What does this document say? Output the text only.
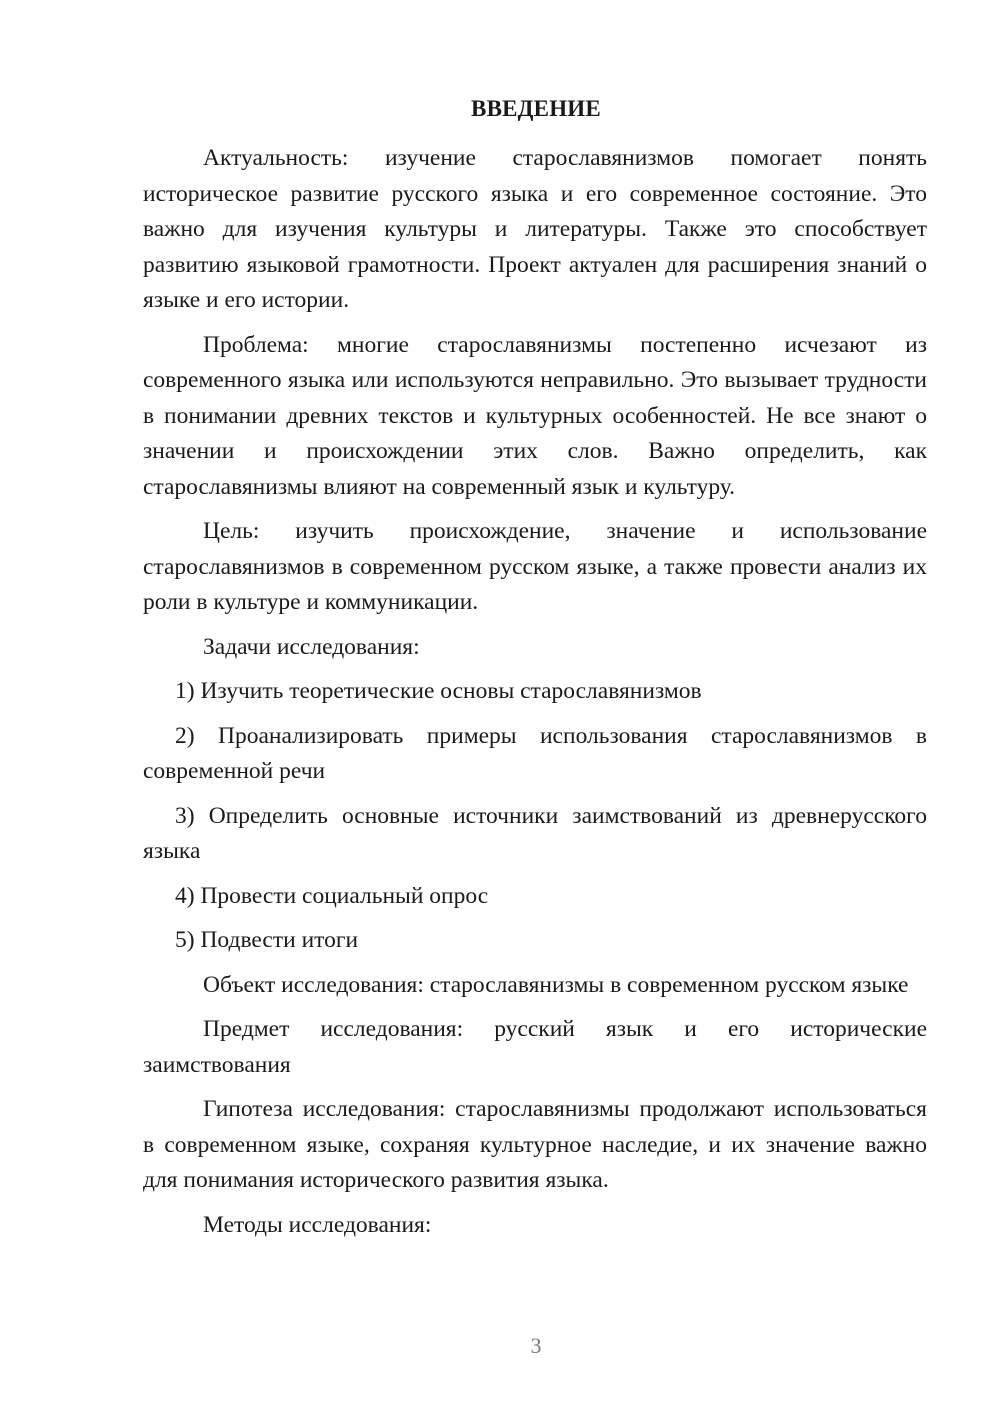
ВВЕДЕНИЕ

Актуальность: изучение старославянизмов помогает понять историческое развитие русского языка и его современное состояние. Это важно для изучения культуры и литературы. Также это способствует развитию языковой грамотности. Проект актуален для расширения знаний о языке и его истории.

Проблема: многие старославянизмы постепенно исчезают из современного языка или используются неправильно. Это вызывает трудности в понимании древних текстов и культурных особенностей. Не все знают о значении и происхождении этих слов. Важно определить, как старославянизмы влияют на современный язык и культуру.

Цель: изучить происхождение, значение и использование старославянизмов в современном русском языке, а также провести анализ их роли в культуре и коммуникации.

Задачи исследования:

1) Изучить теоретические основы старославянизмов

2) Проанализировать примеры использования старославянизмов в современной речи

3) Определить основные источники заимствований из древнерусского языка

4) Провести социальный опрос

5) Подвести итоги

Объект исследования: старославянизмы в современном русском языке

Предмет исследования: русский язык и его исторические заимствования

Гипотеза исследования: старославянизмы продолжают использоваться в современном языке, сохраняя культурное наследие, и их значение важно для понимания исторического развития языка.

Методы исследования:

3
